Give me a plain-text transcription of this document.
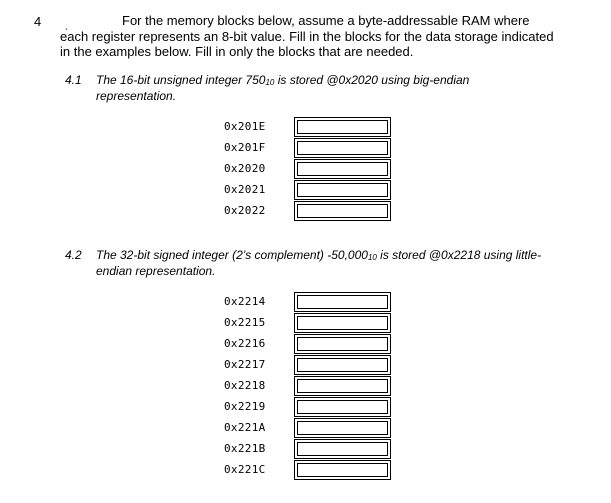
4 ˎ	For the memory blocks below, assume a byte-addressable RAM where each register represents an 8-bit value. Fill in the blocks for the data storage indicated in the examples below. Fill in only the blocks that are needed.
4.1 The 16-bit unsigned integer $750_{10}$ is stored @0x2020 using big-endian representation.
0x201E
0x201F
0x2020
0x2021
0x2022
4.2 The 32-bit signed integer (2’s complement) $-50,000_{10}$ is stored @0x2218 using little-endian representation.
0x2214
0x2215
0x2216
0x2217
0x2218
0x2219
0x221A
0x221B
0x221C
